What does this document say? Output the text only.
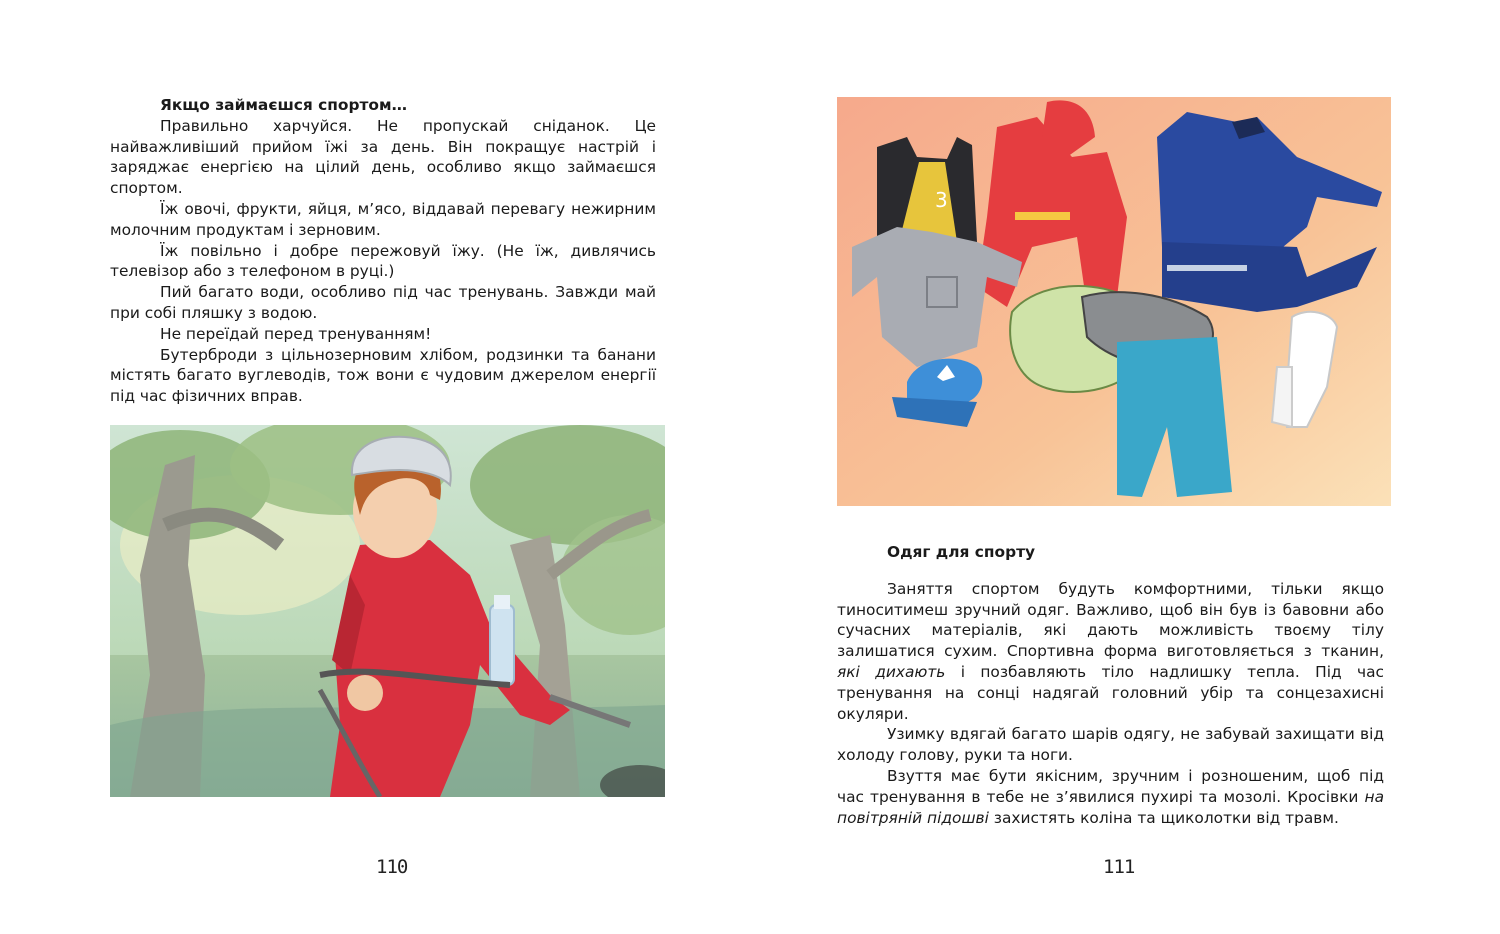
Якщо займаєшся спортом…

Правильно харчуйся. Не пропускай сніданок. Це найважливіший прийом їжі за день. Він покращує настрій і заряджає енергією на цілий день, особливо якщо займаєшся спортом.

Їж овочі, фрукти, яйця, м’ясо, віддавай перевагу нежирним молочним продуктам і зерновим.

Їж повільно і добре пережовуй їжу. (Не їж, дивлячись телевізор або з телефоном в руці.)

Пий багато води, особливо під час тренувань. Завжди май при собі пляшку з водою.

Не переїдай перед тренуванням!

Бутерброди з цільнозерновим хлібом, родзинки та банани містять багато вуглеводів, тож вони є чудовим джерелом енергії під час фізичних вправ.

110
3

Одяг для спорту

Заняття спортом будуть комфортними, тільки якщо тиноситимеш зручний одяг. Важливо, щоб він був із бавовни або сучасних матеріалів, які дають можливість твоєму тілу залишатися сухим. Спортивна форма виготовляється з тканин, які дихають і позбавляють тіло надлишку тепла. Під час тренування на сонці надягай головний убір та сонцезахисні окуляри.

Узимку вдягай багато шарів одягу, не забувай захищати від холоду голову, руки та ноги.

Взуття має бути якісним, зручним і розношеним, щоб під час тренування в тебе не з’явилися пухирі та мозолі. Кросівки на повітряній підошві захистять коліна та щиколотки від травм.

111
